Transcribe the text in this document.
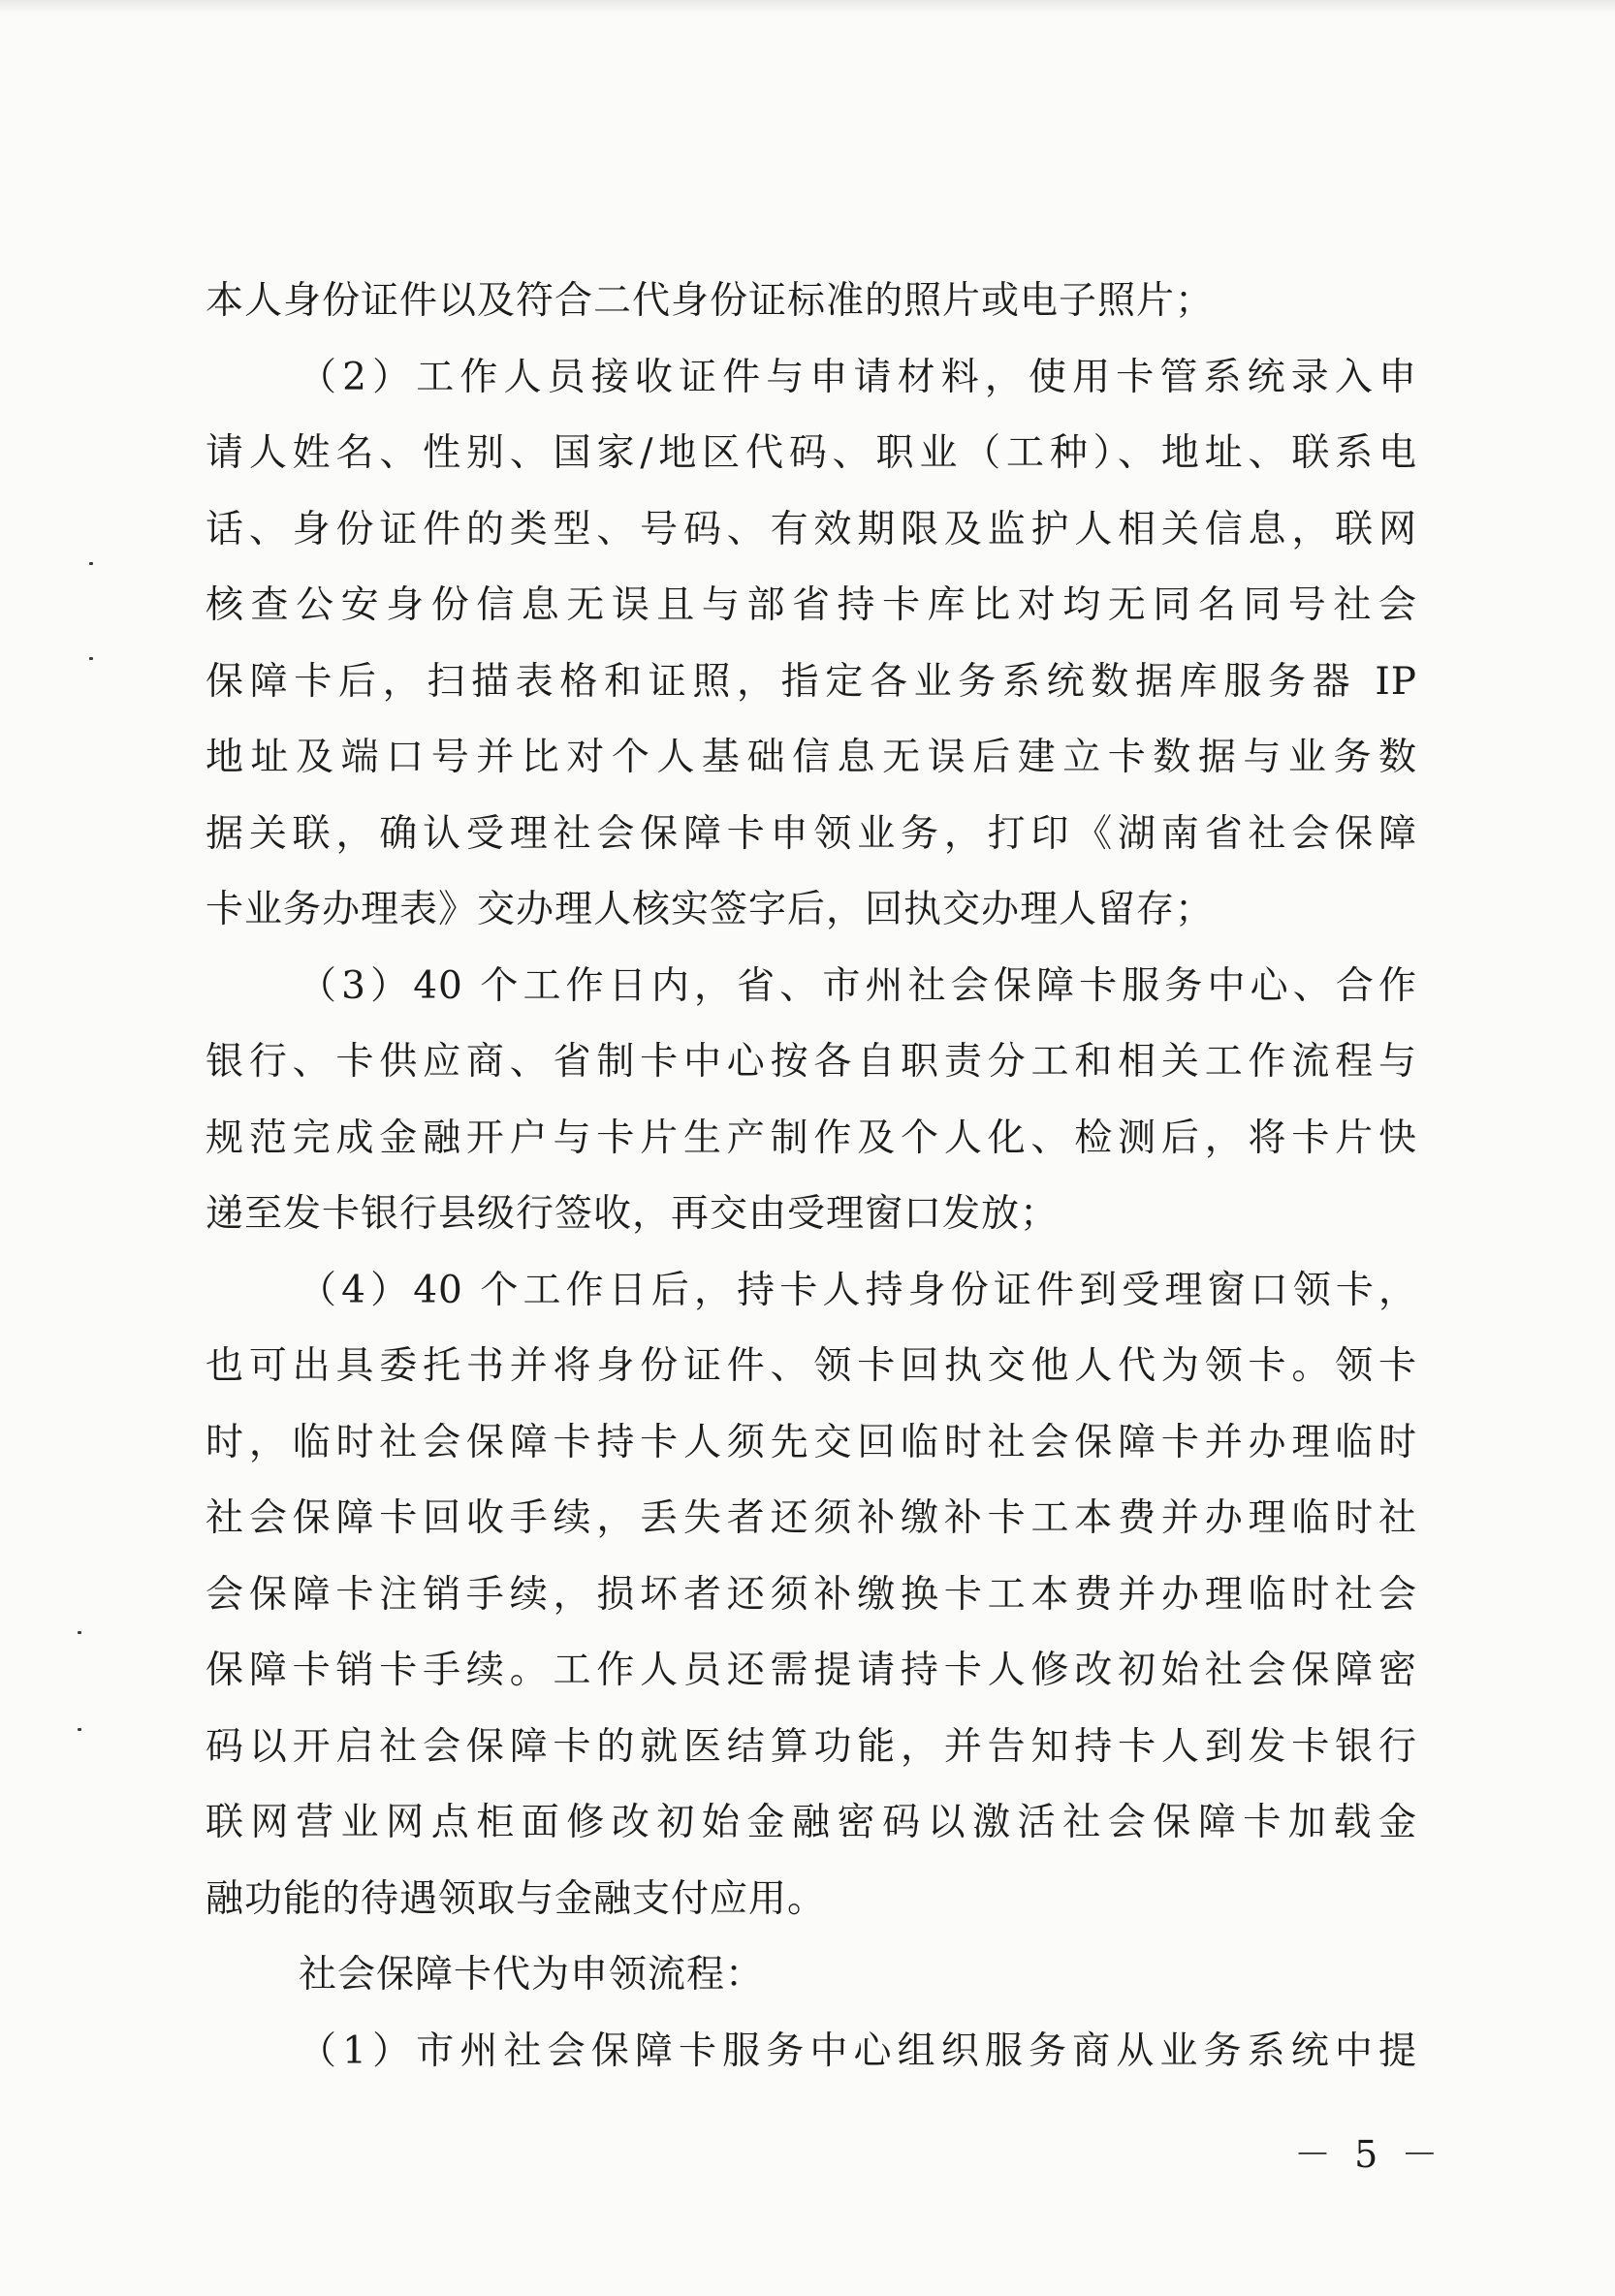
本人身份证件以及符合二代身份证标准的照片或电子照片；
（2）工作人员接收证件与申请材料，使用卡管系统录入申
请人姓名、性别、国家/地区代码、职业（工种）、地址、联系电
话、身份证件的类型、号码、有效期限及监护人相关信息，联网
核查公安身份信息无误且与部省持卡库比对均无同名同号社会
保障卡后，扫描表格和证照，指定各业务系统数据库服务器 IP
地址及端口号并比对个人基础信息无误后建立卡数据与业务数
据关联，确认受理社会保障卡申领业务，打印《湖南省社会保障
卡业务办理表》交办理人核实签字后，回执交办理人留存；
（3）40 个工作日内，省、市州社会保障卡服务中心、合作
银行、卡供应商、省制卡中心按各自职责分工和相关工作流程与
规范完成金融开户与卡片生产制作及个人化、检测后，将卡片快
递至发卡银行县级行签收，再交由受理窗口发放；
（4）40 个工作日后，持卡人持身份证件到受理窗口领卡，
也可出具委托书并将身份证件、领卡回执交他人代为领卡。领卡
时，临时社会保障卡持卡人须先交回临时社会保障卡并办理临时
社会保障卡回收手续，丢失者还须补缴补卡工本费并办理临时社
会保障卡注销手续，损坏者还须补缴换卡工本费并办理临时社会
保障卡销卡手续。工作人员还需提请持卡人修改初始社会保障密
码以开启社会保障卡的就医结算功能，并告知持卡人到发卡银行
联网营业网点柜面修改初始金融密码以激活社会保障卡加载金
融功能的待遇领取与金融支付应用。
社会保障卡代为申领流程：
（1）市州社会保障卡服务中心组织服务商从业务系统中提
－ 5 －
